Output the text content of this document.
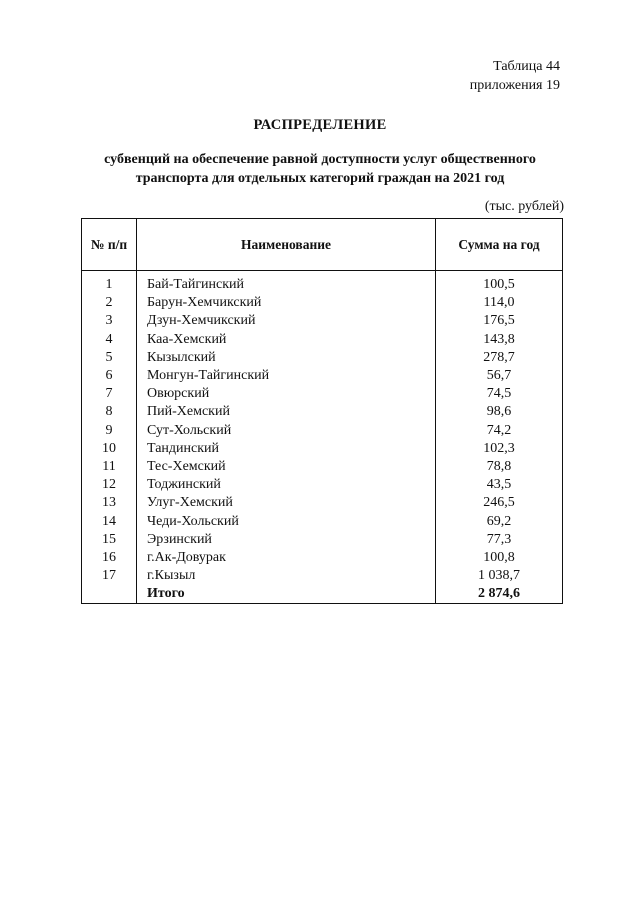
Таблица 44
приложения 19
РАСПРЕДЕЛЕНИЕ
субвенций на обеспечение равной доступности услуг общественного
транспорта для отдельных категорий граждан на 2021 год
(тыс. рублей)
№ п/п	Наименование	Сумма на год
1	Бай-Тайгинский	100,5
2	Барун-Хемчикский	114,0
3	Дзун-Хемчикский	176,5
4	Каа-Хемский	143,8
5	Кызылский	278,7
6	Монгун-Тайгинский	56,7
7	Овюрский	74,5
8	Пий-Хемский	98,6
9	Сут-Хольский	74,2
10	Тандинский	102,3
11	Тес-Хемский	78,8
12	Тоджинский	43,5
13	Улуг-Хемский	246,5
14	Чеди-Хольский	69,2
15	Эрзинский	77,3
16	г.Ак-Довурак	100,8
17	г.Кызыл	1 038,7
	Итого	2 874,6
